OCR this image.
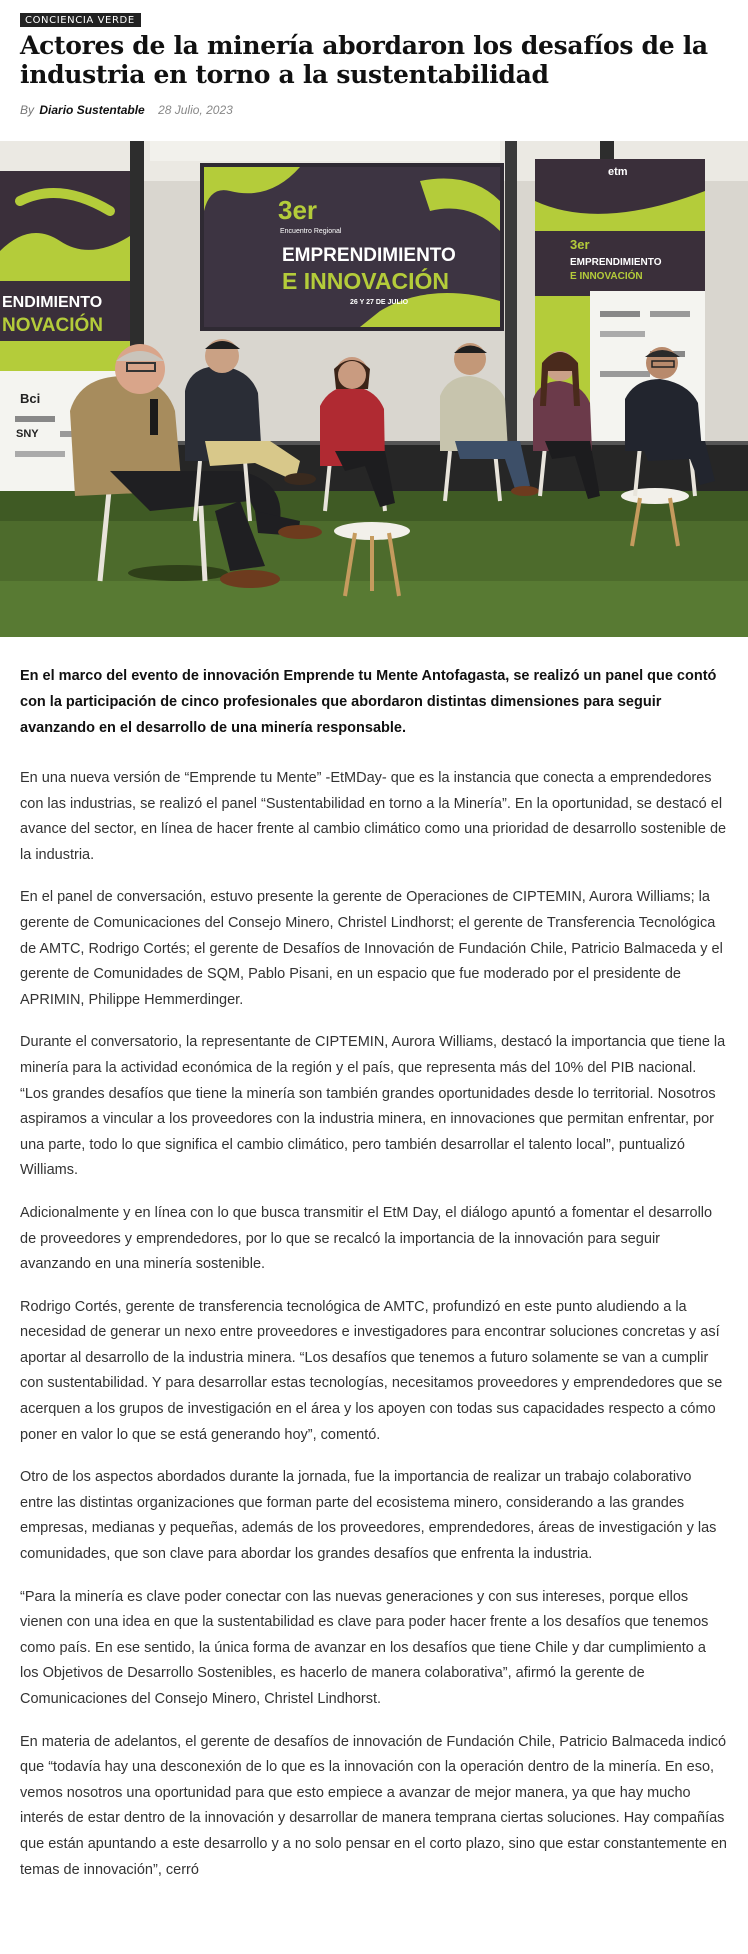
CONCIENCIA VERDE
Actores de la minería abordaron los desafíos de la industria en torno a la sustentabilidad
By Diario Sustentable 28 Julio, 2023
ENDIMIENTO
NOVACIÓN
Bci
SNY
3er
Encuentro Regional
EMPRENDIMIENTO
E INNOVACIÓN
26 Y 27 DE JULIO
etm
3er
EMPRENDIMIENTO
E INNOVACIÓN

En el marco del evento de innovación Emprende tu Mente Antofagasta, se realizó un panel que contó con la participación de cinco profesionales que abordaron distintas dimensiones para seguir avanzando en el desarrollo de una minería responsable.

En una nueva versión de “Emprende tu Mente” -EtMDay- que es la instancia que conecta a emprendedores con las industrias, se realizó el panel “Sustentabilidad en torno a la Minería”. En la oportunidad, se destacó el avance del sector, en línea de hacer frente al cambio climático como una prioridad de desarrollo sostenible de la industria.

En el panel de conversación, estuvo presente la gerente de Operaciones de CIPTEMIN, Aurora Williams; la gerente de Comunicaciones del Consejo Minero, Christel Lindhorst; el gerente de Transferencia Tecnológica de AMTC, Rodrigo Cortés; el gerente de Desafíos de Innovación de Fundación Chile, Patricio Balmaceda y el gerente de Comunidades de SQM, Pablo Pisani, en un espacio que fue moderado por el presidente de APRIMIN, Philippe Hemmerdinger.

Durante el conversatorio, la representante de CIPTEMIN, Aurora Williams, destacó la importancia que tiene la minería para la actividad económica de la región y el país, que representa más del 10% del PIB nacional. “Los grandes desafíos que tiene la minería son también grandes oportunidades desde lo territorial. Nosotros aspiramos a vincular a los proveedores con la industria minera, en innovaciones que permitan enfrentar, por una parte, todo lo que significa el cambio climático, pero también desarrollar el talento local”, puntualizó Williams.

Adicionalmente y en línea con lo que busca transmitir el EtM Day, el diálogo apuntó a fomentar el desarrollo de proveedores y emprendedores, por lo que se recalcó la importancia de la innovación para seguir avanzando en una minería sostenible.

Rodrigo Cortés, gerente de transferencia tecnológica de AMTC, profundizó en este punto aludiendo a la necesidad de generar un nexo entre proveedores e investigadores para encontrar soluciones concretas y así aportar al desarrollo de la industria minera. “Los desafíos que tenemos a futuro solamente se van a cumplir con sustentabilidad. Y para desarrollar estas tecnologías, necesitamos proveedores y emprendedores que se acerquen a los grupos de investigación en el área y los apoyen con todas sus capacidades respecto a cómo poner en valor lo que se está generando hoy”, comentó.

Otro de los aspectos abordados durante la jornada, fue la importancia de realizar un trabajo colaborativo entre las distintas organizaciones que forman parte del ecosistema minero, considerando a las grandes empresas, medianas y pequeñas, además de los proveedores, emprendedores, áreas de investigación y las comunidades, que son clave para abordar los grandes desafíos que enfrenta la industria.

“Para la minería es clave poder conectar con las nuevas generaciones y con sus intereses, porque ellos vienen con una idea en que la sustentabilidad es clave para poder hacer frente a los desafíos que tenemos como país. En ese sentido, la única forma de avanzar en los desafíos que tiene Chile y dar cumplimiento a los Objetivos de Desarrollo Sostenibles, es hacerlo de manera colaborativa”, afirmó la gerente de Comunicaciones del Consejo Minero, Christel Lindhorst.

En materia de adelantos, el gerente de desafíos de innovación de Fundación Chile, Patricio Balmaceda indicó que “todavía hay una desconexión de lo que es la innovación con la operación dentro de la minería. En eso, vemos nosotros una oportunidad para que esto empiece a avanzar de mejor manera, ya que hay mucho interés de estar dentro de la innovación y desarrollar de manera temprana ciertas soluciones. Hay compañías que están apuntando a este desarrollo y a no solo pensar en el corto plazo, sino que estar constantemente en temas de innovación”, cerró
